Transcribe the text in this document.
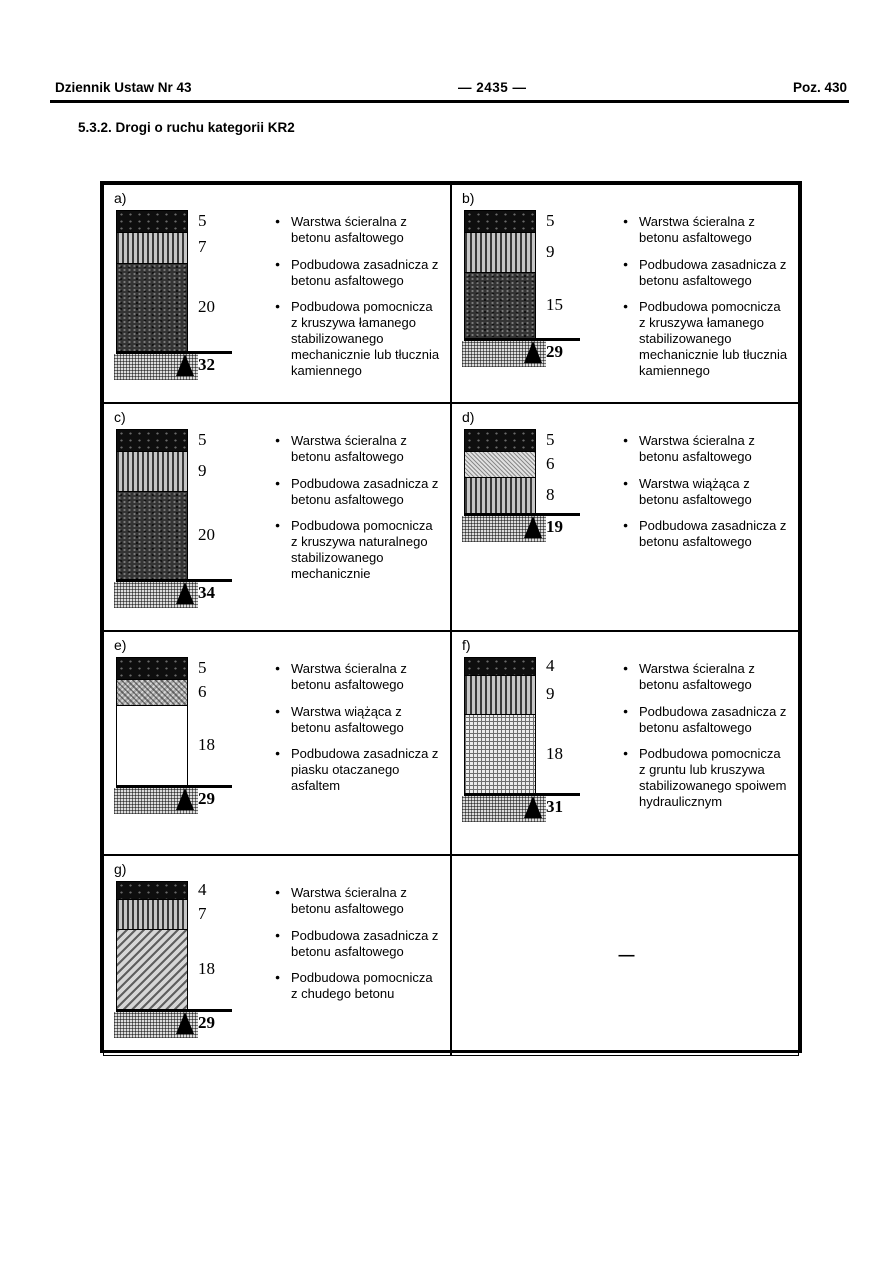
Dziennik Ustaw Nr 43	— 2435 —	Poz. 430
5.3.2. Drogi o ruchu kategorii KR2
a)
5
7
20
32
● Warstwa ścieralna z betonu asfaltowego
● Podbudowa zasadnicza z betonu asfaltowego
● Podbudowa pomocnicza z kruszywa łamanego stabilizowanego mechanicznie lub tłucznia kamiennego
b)
5
9
15
29
● Warstwa ścieralna z betonu asfaltowego
● Podbudowa zasadnicza z betonu asfaltowego
● Podbudowa pomocnicza z kruszywa łamanego stabilizowanego mechanicznie lub tłucznia kamiennego
c)
5
9
20
34
● Warstwa ścieralna z betonu asfaltowego
● Podbudowa zasadnicza z betonu asfaltowego
● Podbudowa pomocnicza z kruszywa naturalnego stabilizowanego mechanicznie
d)
5
6
8
19
● Warstwa ścieralna z betonu asfaltowego
● Warstwa wiążąca z betonu asfaltowego
● Podbudowa zasadnicza z betonu asfaltowego
e)
5
6
18
29
● Warstwa ścieralna z betonu asfaltowego
● Warstwa wiążąca z betonu asfaltowego
● Podbudowa zasadnicza z piasku otaczanego asfaltem
f)
4
9
18
31
● Warstwa ścieralna z betonu asfaltowego
● Podbudowa zasadnicza z betonu asfaltowego
● Podbudowa pomocnicza z gruntu lub kruszywa stabilizowanego spoiwem hydraulicznym
g)
4
7
18
29
● Warstwa ścieralna z betonu asfaltowego
● Podbudowa zasadnicza z betonu asfaltowego
● Podbudowa pomocnicza z chudego betonu
—
